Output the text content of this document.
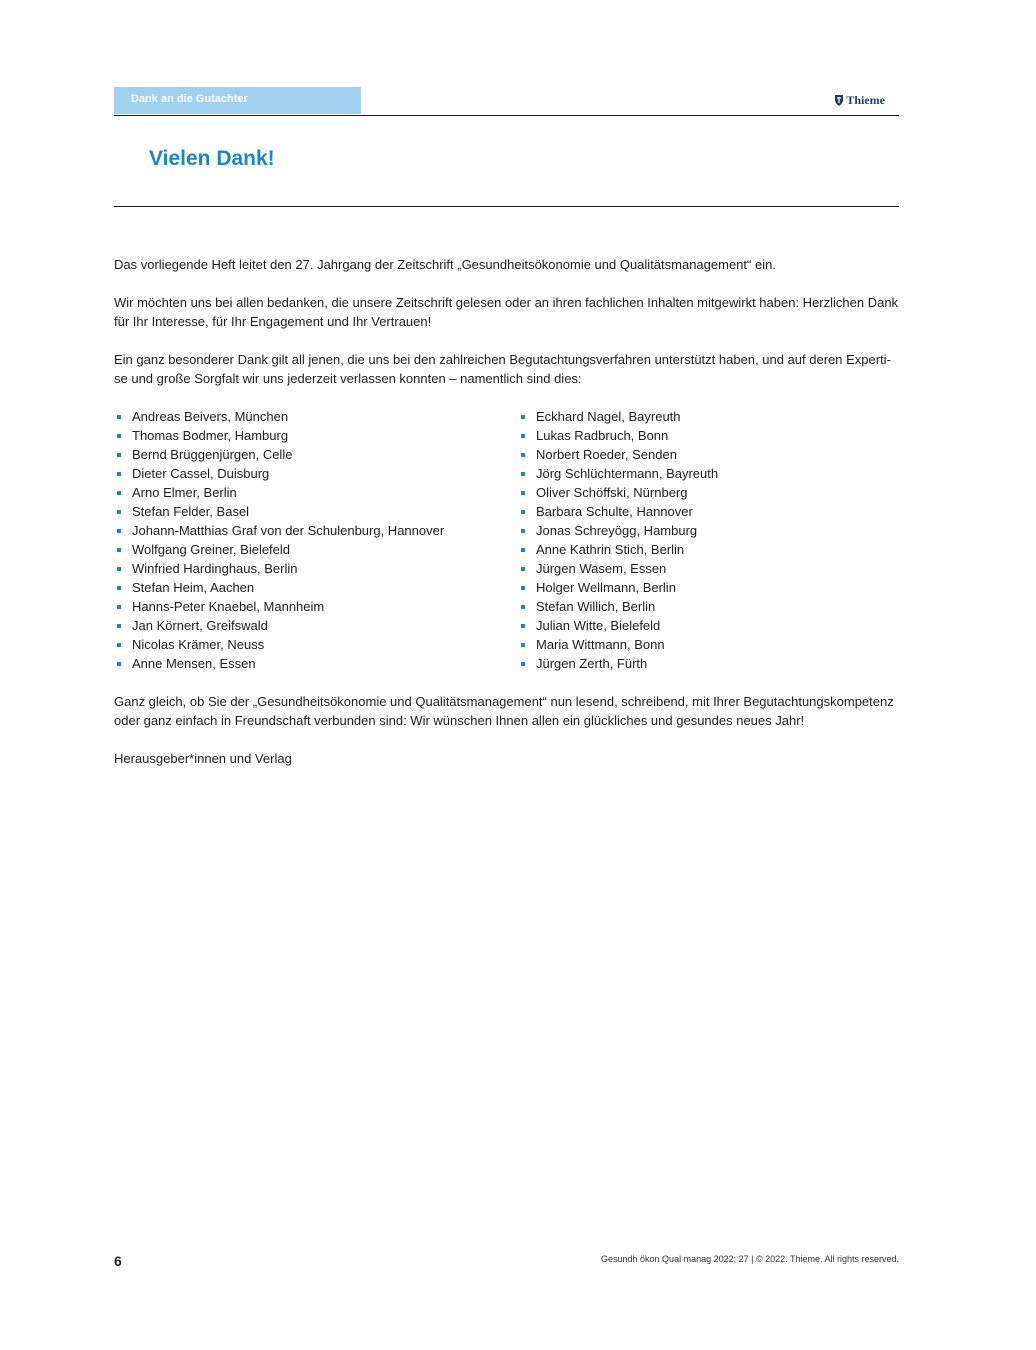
Dank an die Gutachter	Thieme
Vielen Dank!

Das vorliegende Heft leitet den 27. Jahrgang der Zeitschrift „Gesundheitsökonomie und Qualitätsmanagement“ ein.

Wir möchten uns bei allen bedanken, die unsere Zeitschrift gelesen oder an ihren fachlichen Inhalten mitgewirkt haben: Herzlichen Dank für Ihr Interesse, für Ihr Engagement und Ihr Vertrauen!

Ein ganz besonderer Dank gilt all jenen, die uns bei den zahlreichen Begutachtungsverfahren unterstützt haben, und auf deren Expertise und große Sorgfalt wir uns jederzeit verlassen konnten – namentlich sind dies:

Andreas Beivers, München
Thomas Bodmer, Hamburg
Bernd Brüggenjürgen, Celle
Dieter Cassel, Duisburg
Arno Elmer, Berlin
Stefan Felder, Basel
Johann-Matthias Graf von der Schulenburg, Hannover
Wolfgang Greiner, Bielefeld
Winfried Hardinghaus, Berlin
Stefan Heim, Aachen
Hanns-Peter Knaebel, Mannheim
Jan Körnert, Greifswald
Nicolas Krämer, Neuss
Anne Mensen, Essen
Eckhard Nagel, Bayreuth
Lukas Radbruch, Bonn
Norbert Roeder, Senden
Jörg Schlüchtermann, Bayreuth
Oliver Schöffski, Nürnberg
Barbara Schulte, Hannover
Jonas Schreyögg, Hamburg
Anne Kathrin Stich, Berlin
Jürgen Wasem, Essen
Holger Wellmann, Berlin
Stefan Willich, Berlin
Julian Witte, Bielefeld
Maria Wittmann, Bonn
Jürgen Zerth, Fürth

Ganz gleich, ob Sie der „Gesundheitsökonomie und Qualitätsmanagement“ nun lesend, schreibend, mit Ihrer Begutachtungskompetenz oder ganz einfach in Freundschaft verbunden sind: Wir wünschen Ihnen allen ein glückliches und gesundes neues Jahr!

Herausgeber*innen und Verlag

6	Gesundh ökon Qual manag 2022; 27 | © 2022. Thieme. All rights reserved.
